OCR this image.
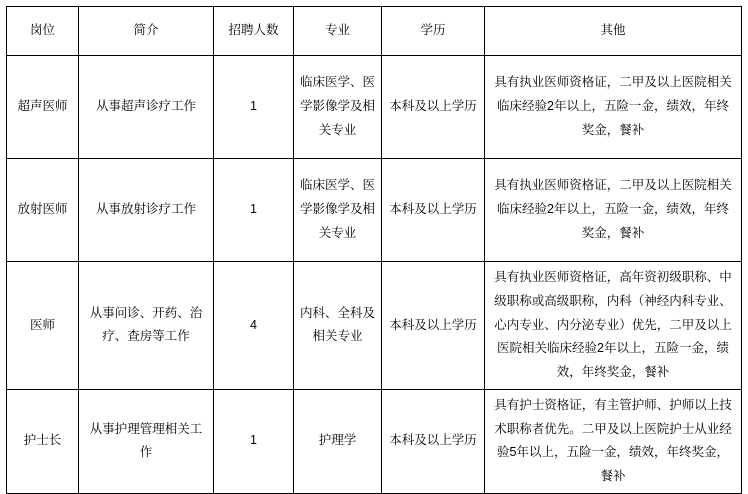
岗位	简介	招聘人数	专业	学历	其他
超声医师	从事超声诊疗工作	1	临床医学、医学影像学及相关专业	本科及以上学历	具有执业医师资格证，二甲及以上医院相关临床经验2年以上，五险一金，绩效，年终奖金，餐补
放射医师	从事放射诊疗工作	1	临床医学、医学影像学及相关专业	本科及以上学历	具有执业医师资格证，二甲及以上医院相关临床经验2年以上，五险一金，绩效，年终奖金，餐补
医师	从事问诊、开药、治疗、查房等工作	4	内科、全科及相关专业	本科及以上学历	具有执业医师资格证，高年资初级职称、中级职称或高级职称，内科（神经内科专业、心内专业、内分泌专业）优先，二甲及以上医院相关临床经验2年以上，五险一金，绩效，年终奖金，餐补
护士长	从事护理管理相关工作	1	护理学	本科及以上学历	具有护士资格证，有主管护师、护师以上技术职称者优先。二甲及以上医院护士从业经验5年以上，五险一金，绩效，年终奖金，餐补
